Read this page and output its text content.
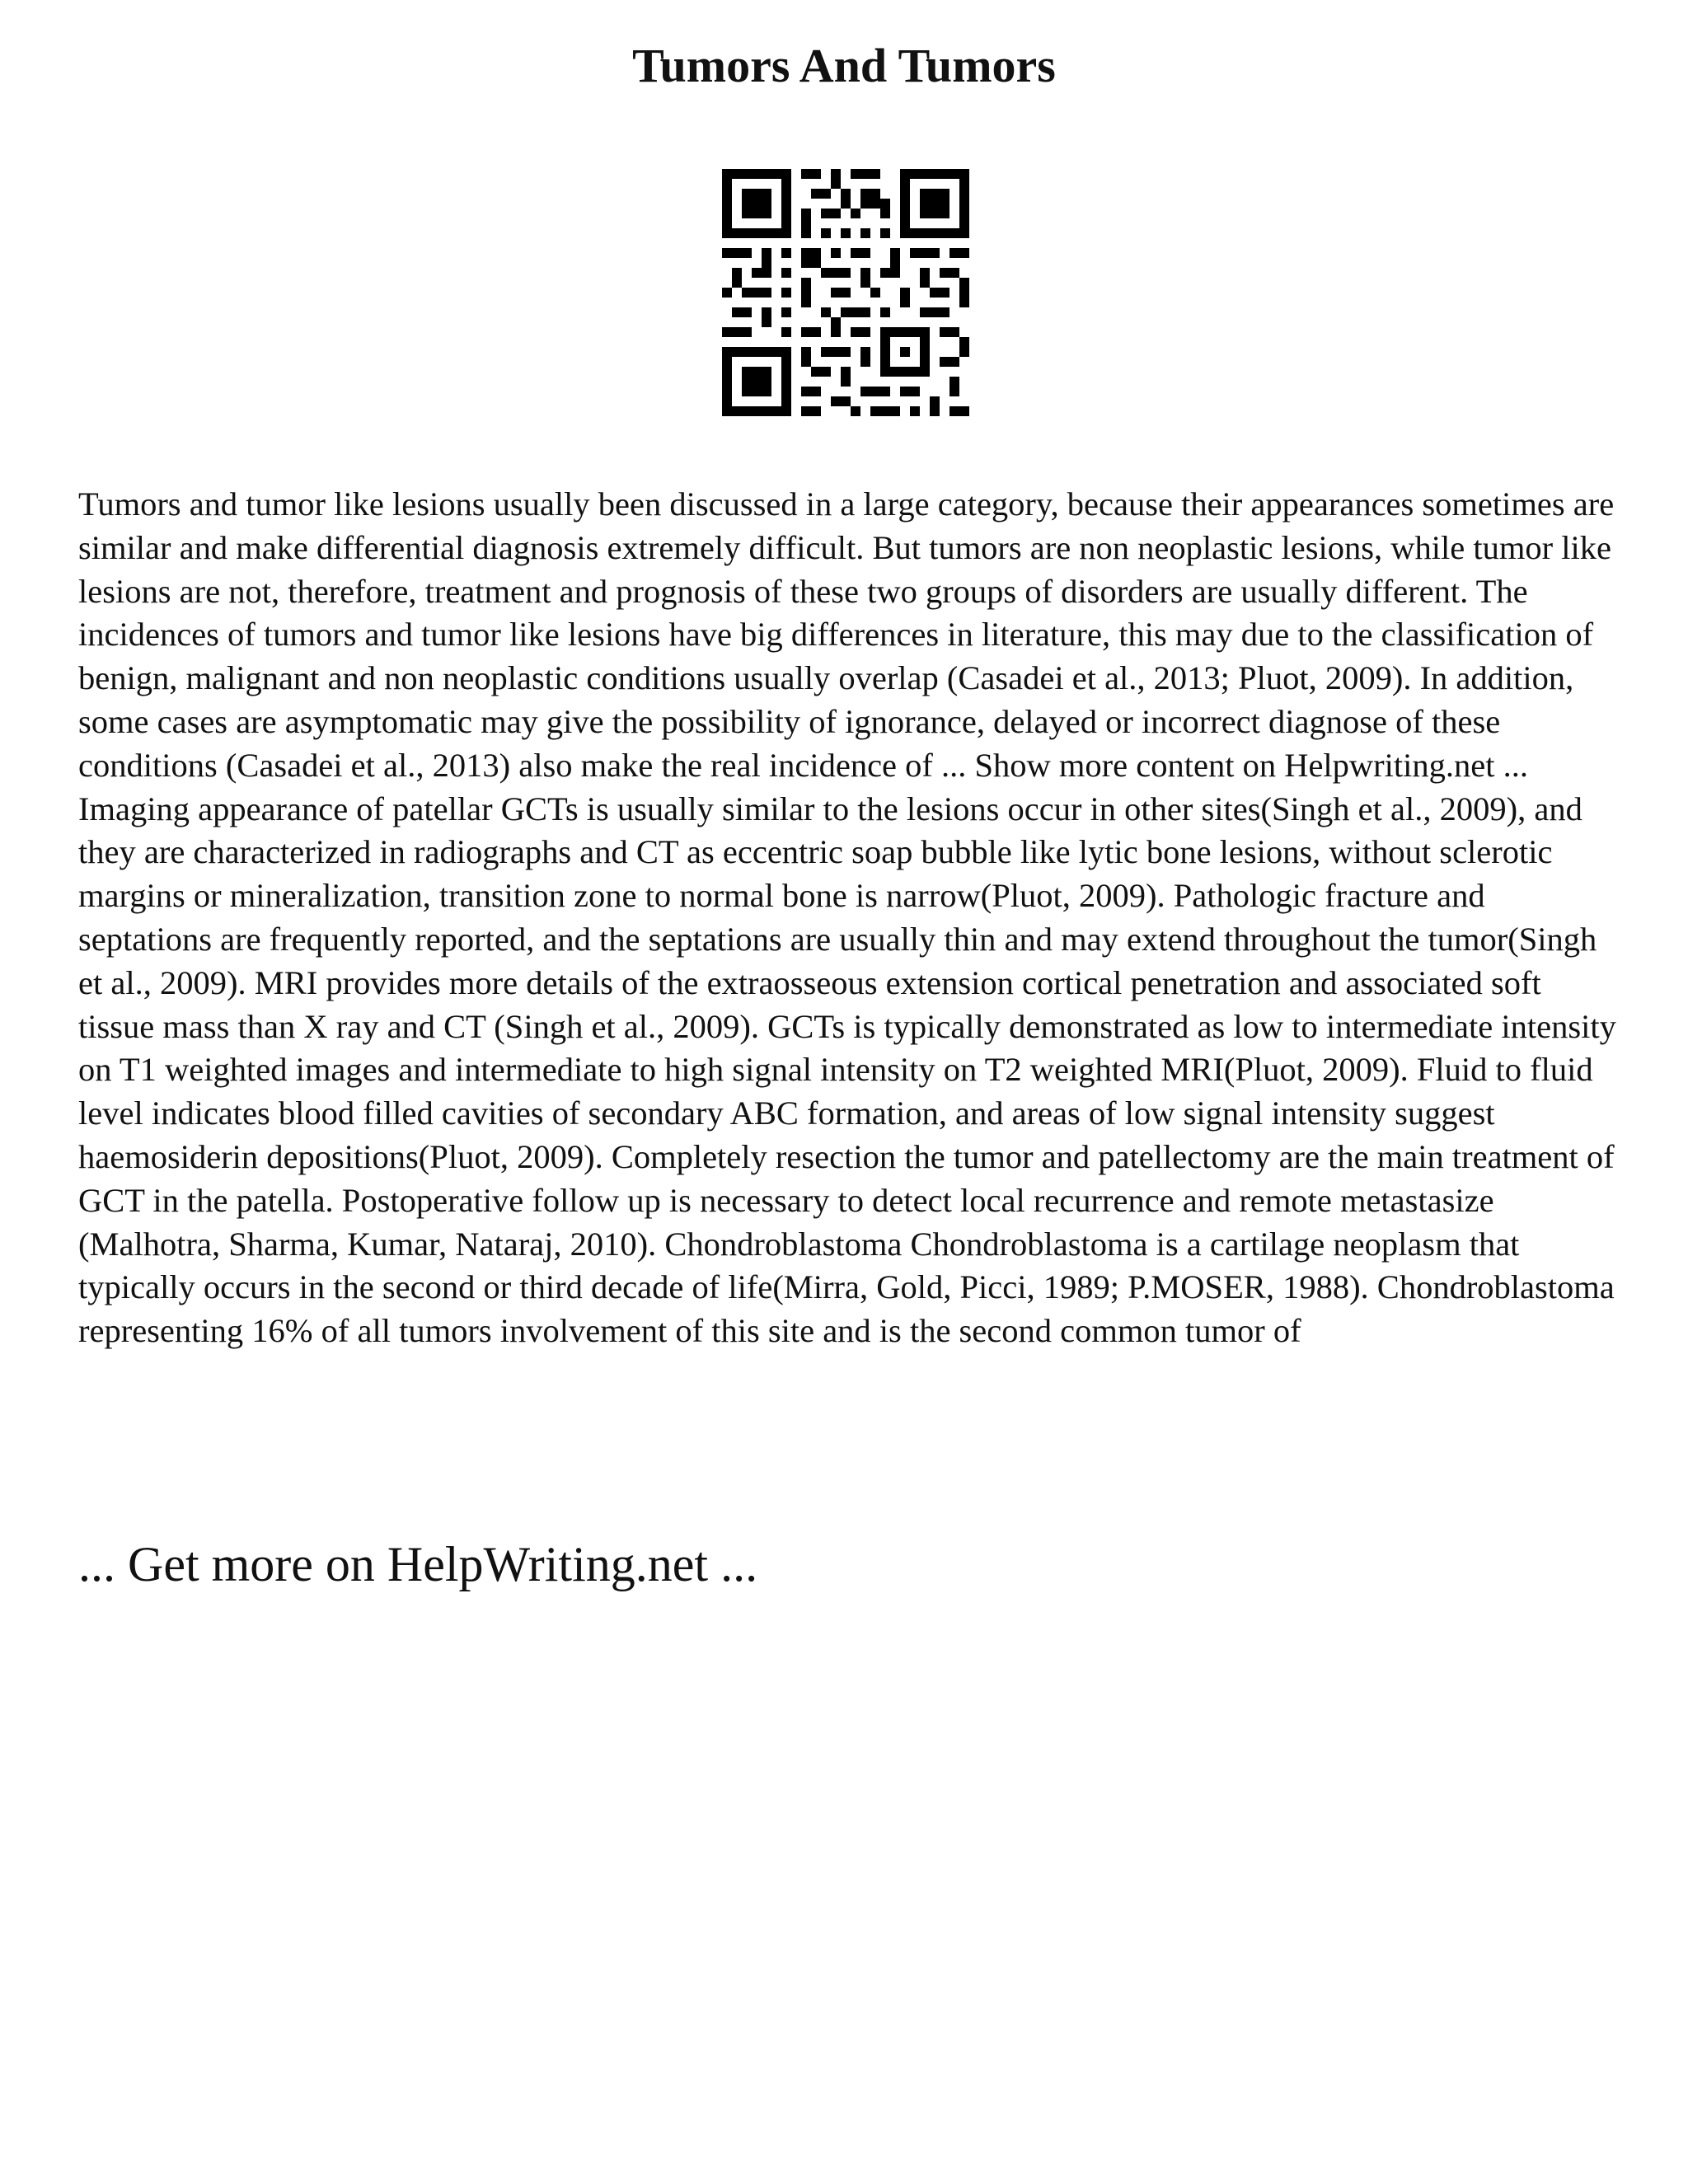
Tumors And Tumors

Tumors and tumor like lesions usually been discussed in a large category, because their appearances sometimes are similar and make differential diagnosis extremely difficult. But tumors are non neoplastic lesions, while tumor like lesions are not, therefore, treatment and prognosis of these two groups of disorders are usually different. The incidences of tumors and tumor like lesions have big differences in literature, this may due to the classification of benign, malignant and non neoplastic conditions usually overlap (Casadei et al., 2013; Pluot, 2009). In addition, some cases are asymptomatic may give the possibility of ignorance, delayed or incorrect diagnose of these conditions (Casadei et al., 2013) also make the real incidence of ... Show more content on Helpwriting.net ... Imaging appearance of patellar GCTs is usually similar to the lesions occur in other sites(Singh et al., 2009), and they are characterized in radiographs and CT as eccentric soap bubble like lytic bone lesions, without sclerotic margins or mineralization, transition zone to normal bone is narrow(Pluot, 2009). Pathologic fracture and septations are frequently reported, and the septations are usually thin and may extend throughout the tumor(Singh et al., 2009). MRI provides more details of the extraosseous extension cortical penetration and associated soft tissue mass than X ray and CT (Singh et al., 2009). GCTs is typically demonstrated as low to intermediate intensity on T1 weighted images and intermediate to high signal intensity on T2 weighted MRI(Pluot, 2009). Fluid to fluid level indicates blood filled cavities of secondary ABC formation, and areas of low signal intensity suggest haemosiderin depositions(Pluot, 2009). Completely resection the tumor and patellectomy are the main treatment of GCT in the patella. Postoperative follow up is necessary to detect local recurrence and remote metastasize (Malhotra, Sharma, Kumar, Nataraj, 2010). Chondroblastoma Chondroblastoma is a cartilage neoplasm that typically occurs in the second or third decade of life(Mirra, Gold, Picci, 1989; P.MOSER, 1988). Chondroblastoma representing 16% of all tumors involvement of this site and is the second common tumor of

... Get more on HelpWriting.net ...
